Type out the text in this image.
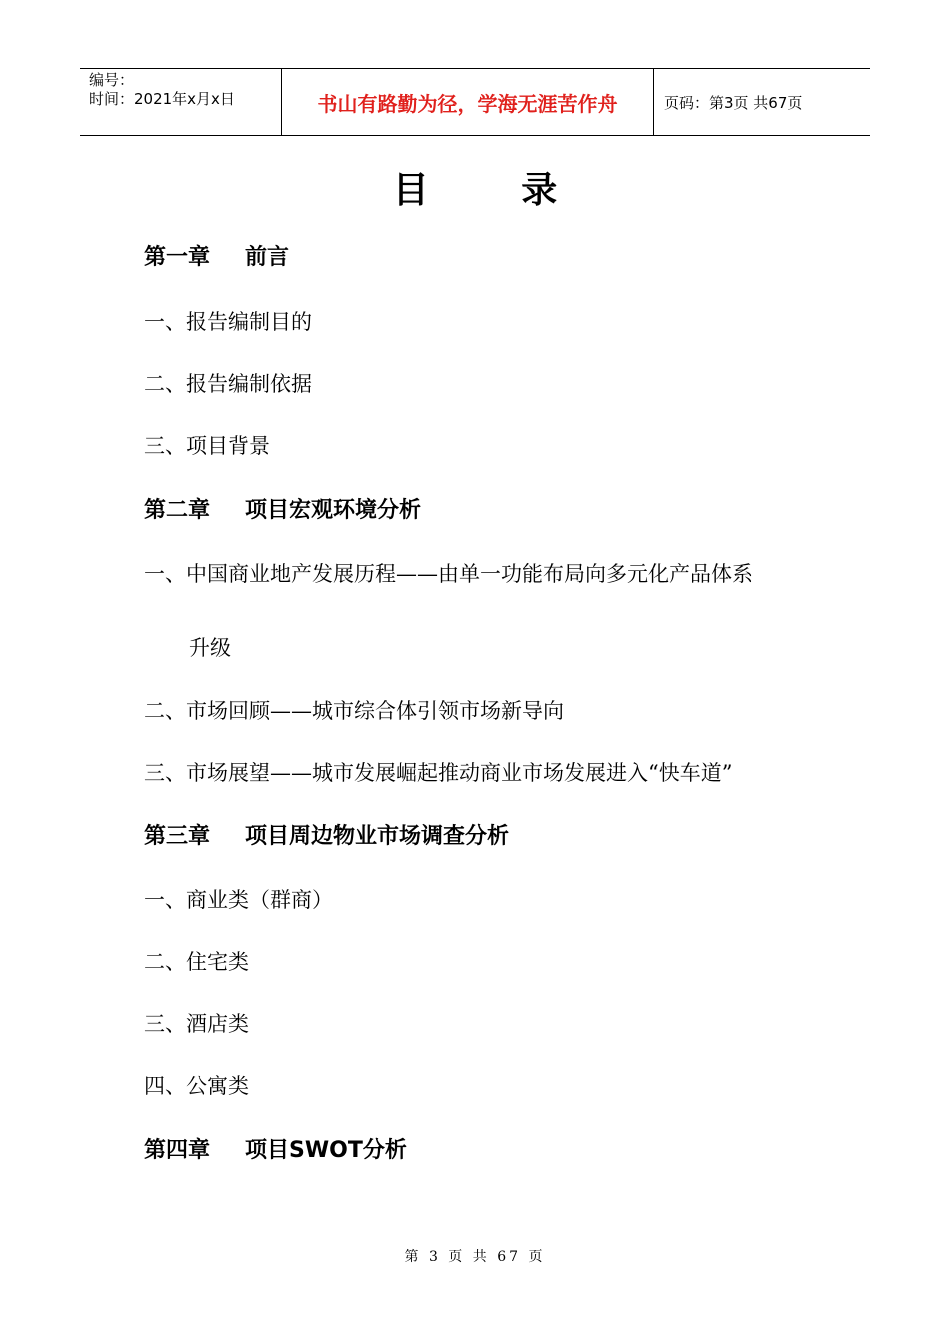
编号：
时间：2021年x月x日	书山有路勤为径，学海无涯苦作舟	页码：第3页 共67页
目 录
第一章 前言
一、报告编制目的
二、报告编制依据
三、项目背景
第二章 项目宏观环境分析
一、中国商业地产发展历程——由单一功能布局向多元化产品体系
升级
二、市场回顾——城市综合体引领市场新导向
三、市场展望——城市发展崛起推动商业市场发展进入“快车道”
第三章 项目周边物业市场调查分析
一、商业类（群商）
二、住宅类
三、酒店类
四、公寓类
第四章 项目SWOT分析
第 3 页 共 67 页
